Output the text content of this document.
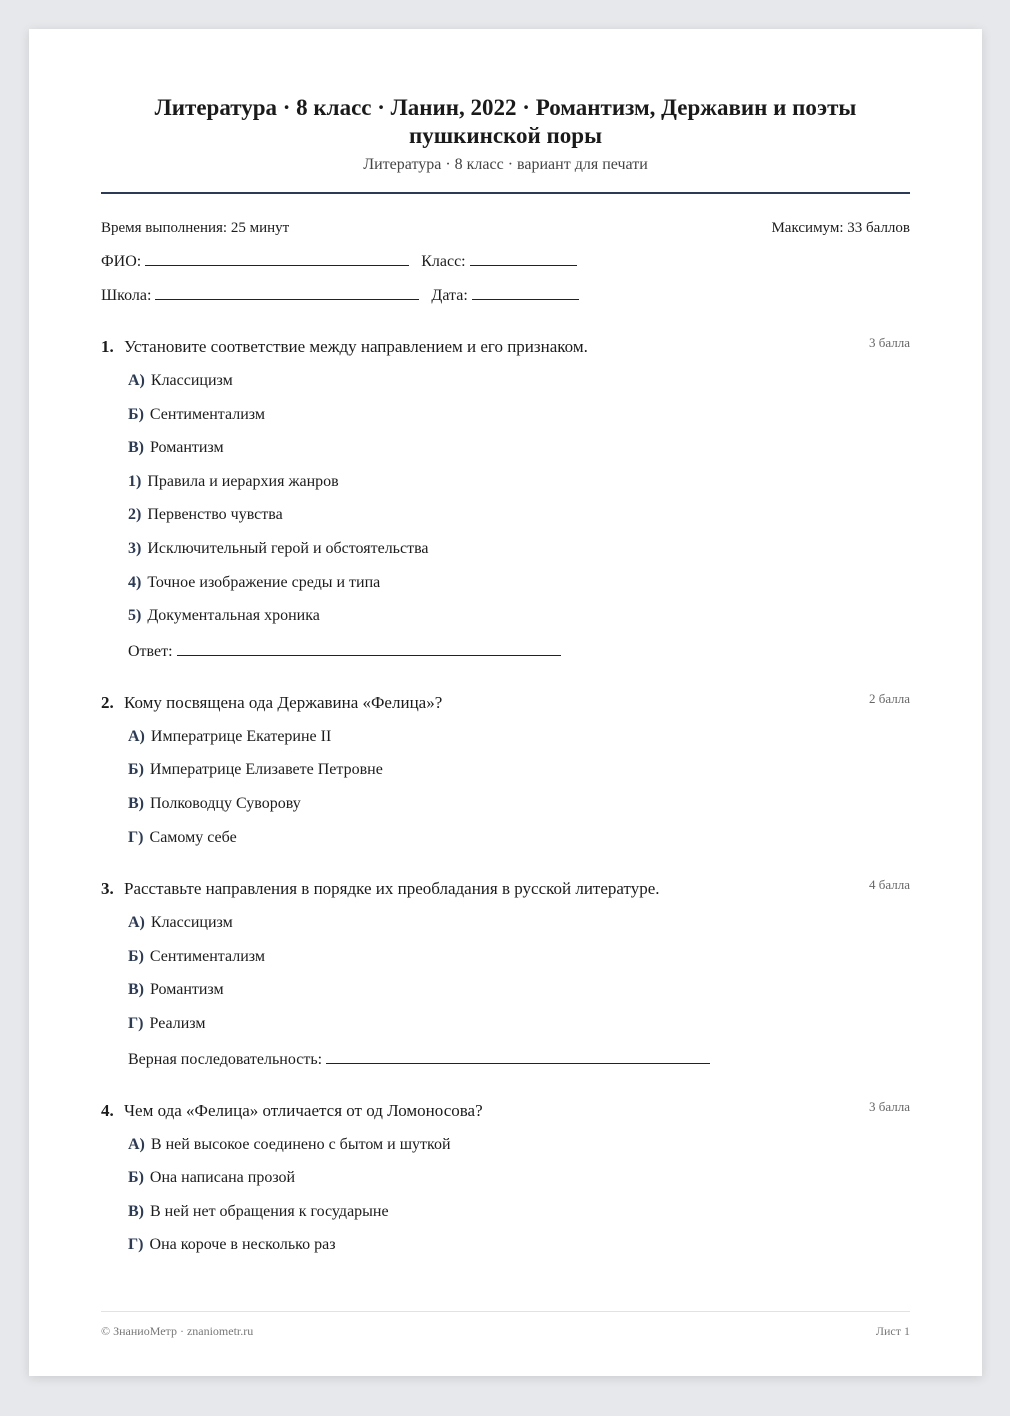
Литература · 8 класс · Ланин, 2022 · Романтизм, Державин и поэты пушкинской поры
Литература · 8 класс · вариант для печати
Время выполнения: 25 минут	Максимум: 33 баллов
ФИО:	Класс:
Школа:	Дата:
1. Установите соответствие между направлением и его признаком.	3 балла
А) Классицизм
Б) Сентиментализм
В) Романтизм
1) Правила и иерархия жанров
2) Первенство чувства
3) Исключительный герой и обстоятельства
4) Точное изображение среды и типа
5) Документальная хроника
Ответ:
2. Кому посвящена ода Державина «Фелица»?	2 балла
А) Императрице Екатерине II
Б) Императрице Елизавете Петровне
В) Полководцу Суворову
Г) Самому себе
3. Расставьте направления в порядке их преобладания в русской литературе.	4 балла
А) Классицизм
Б) Сентиментализм
В) Романтизм
Г) Реализм
Верная последовательность:
4. Чем ода «Фелица» отличается от од Ломоносова?	3 балла
А) В ней высокое соединено с бытом и шуткой
Б) Она написана прозой
В) В ней нет обращения к государыне
Г) Она короче в несколько раз
© ЗнаниоМетр · znaniometr.ru	Лист 1
